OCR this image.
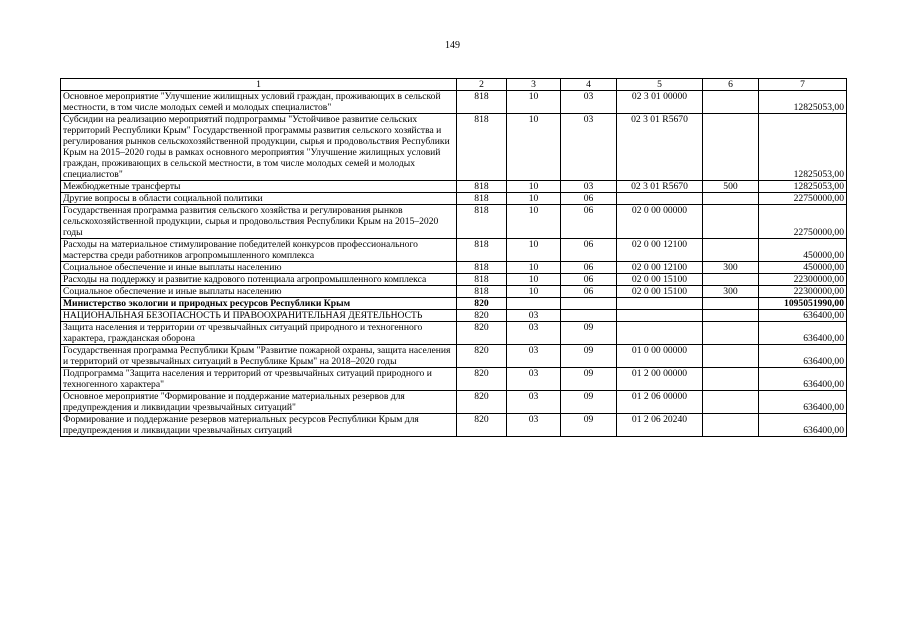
149
1	2	3	4	5	6	7
Основное мероприятие "Улучшение жилищных условий граждан, проживающих в сельской местности, в том числе молодых семей и молодых специалистов"	818	10	03	02 3 01 00000		12825053,00
Субсидии на реализацию мероприятий подпрограммы "Устойчивое развитие сельских территорий Республики Крым" Государственной программы развития сельского хозяйства и регулирования рынков сельскохозяйственной продукции, сырья и продовольствия Республики Крым на 2015–2020 годы в рамках основного мероприятия "Улучшение жилищных условий граждан, проживающих в сельской местности, в том числе молодых семей и молодых специалистов"	818	10	03	02 3 01 R5670		12825053,00
Межбюджетные трансферты	818	10	03	02 3 01 R5670	500	12825053,00
Другие вопросы в области социальной политики	818	10	06			22750000,00
Государственная программа развития сельского хозяйства и регулирования рынков сельскохозяйственной продукции, сырья и продовольствия Республики Крым на 2015–2020 годы	818	10	06	02 0 00 00000		22750000,00
Расходы на материальное стимулирование победителей конкурсов профессионального мастерства среди работников агропромышленного комплекса	818	10	06	02 0 00 12100		450000,00
Социальное обеспечение и иные выплаты населению	818	10	06	02 0 00 12100	300	450000,00
Расходы на поддержку и развитие кадрового потенциала агропромышленного комплекса	818	10	06	02 0 00 15100		22300000,00
Социальное обеспечение и иные выплаты населению	818	10	06	02 0 00 15100	300	22300000,00
Министерство экологии и природных ресурсов Республики Крым	820					1095051990,00
НАЦИОНАЛЬНАЯ БЕЗОПАСНОСТЬ И ПРАВООХРАНИТЕЛЬНАЯ ДЕЯТЕЛЬНОСТЬ	820	03				636400,00
Защита населения и территории от чрезвычайных ситуаций природного и техногенного характера, гражданская оборона	820	03	09			636400,00
Государственная программа Республики Крым "Развитие пожарной охраны, защита населения и территорий от чрезвычайных ситуаций в Республике Крым" на 2018–2020 годы	820	03	09	01 0 00 00000		636400,00
Подпрограмма "Защита населения и территорий от чрезвычайных ситуаций природного и техногенного характера"	820	03	09	01 2 00 00000		636400,00
Основное мероприятие "Формирование и поддержание материальных резервов для предупреждения и ликвидации чрезвычайных ситуаций"	820	03	09	01 2 06 00000		636400,00
Формирование и поддержание резервов материальных ресурсов Республики Крым для предупреждения и ликвидации чрезвычайных ситуаций	820	03	09	01 2 06 20240		636400,00
